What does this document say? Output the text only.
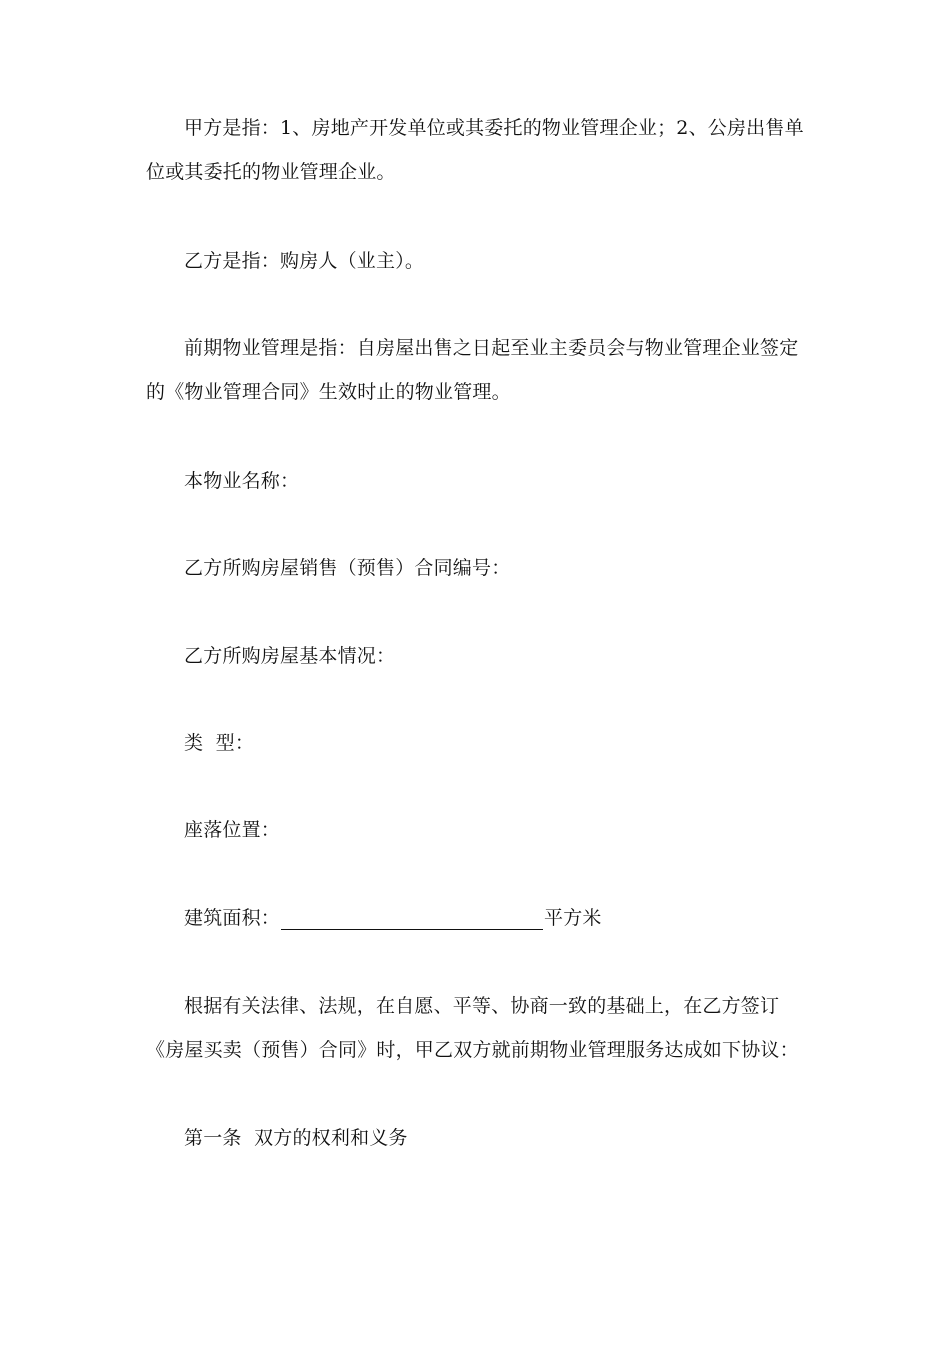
甲方是指：1、房地产开发单位或其委托的物业管理企业；2、公房出售单位或其委托的物业管理企业。

乙方是指：购房人（业主）。

前期物业管理是指：自房屋出售之日起至业主委员会与物业管理企业签定的《物业管理合同》生效时止的物业管理。

本物业名称：

乙方所购房屋销售（预售）合同编号：

乙方所购房屋基本情况：

类  型：

座落位置：

建筑面积：	平方米

根据有关法律、法规，在自愿、平等、协商一致的基础上，在乙方签订《房屋买卖（预售）合同》时，甲乙双方就前期物业管理服务达成如下协议：

第一条  双方的权利和义务
